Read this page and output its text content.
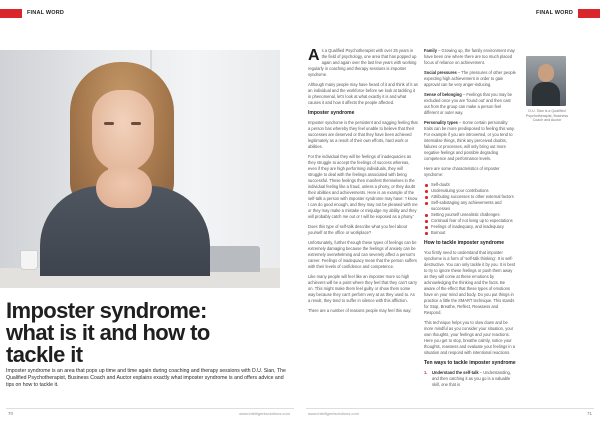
FINAL WORD
Imposter syndrome:
what is it and how to
tackle it
Imposter syndrome is an area that pops up time and time again during coaching and therapy sessions with D.U. Sian, The Qualified Psychotherapist, Business Coach and Auctor explains exactly what imposter syndrome is and offers advice and tips on how to tackle it.
70	www.intelligentsolutions.com
FINAL WORD

As a Qualified Psychotherapist with over 25 years in the field of psychology, one area that has popped up again and again over the last few years with working regularly in coaching and therapy sessions is imposter syndrome.

Although many people may have heard of it and think of it as an individual and the workforce before we look at tackling it in phenomenal, let's look at what exactly it is and what causes it and how it affects the people affected.

Imposter syndrome

Imposter syndrome is the persistent and nagging feeling that a person has whereby they feel unable to believe that their successes are deserved or that they have been achieved legitimately as a result of their own efforts, hard work or abilities.

For the individual they will be feelings of inadequacies as they struggle to accept the feelings of success whereas, even if they are high performing individuals, they will struggle to deal with the feelings associated with being successful. These feelings then manifest themselves in the individual feeling like a fraud, unless a phony, or they doubt their abilities and achievements. Here is an example of the self-talk a person with imposter syndrome may have: 'I know I can do good enough, and they may not be pleased with me or they may make a mistake or misjudge my ability and they will probably catch me out or I will be exposed as a phony.'

Does this type of self-talk describe what you feel about yourself at the office or workplace?

Unfortunately, further through these types of feelings can be extremely damaging because the feelings of anxiety can be extremely overwhelming and can severely affect a person's career. Feelings of inadequacy mean that the person suffers with their levels of confidence and competence.

Like many people will feel like an imposter more so high achievers will be a point where they feel that they can't carry on. This might make them feel guilty or show them some way because they can't perform very at as they used to. As a result, they tend to suffer in silence with this affliction.

There are a number of reasons people may feel this way:

Family – Growing up, the family environment may have been one where there are too much placed focus of reliance on achievement.

Social pressures – The pressures of other people expecting high achievement in order to gain approval can be very anger-inducing.

Sense of belonging – Feelings that you may be excluded once you are 'found out' and then cast out from the group can make a person feel different or outer way.

Personality types – Some certain personality traits can be more predisposed to feeling this way. For example if you are introverted, or you tend to internalise things, think any perceived doubts, failures or processes, will only bring out more negative feelings and possible degrading competence and performance levels.

Here are some characteristics of imposter syndrome:

Self-doubt
Undervaluing your contributions
Attributing successes to other external factors
Self-sabotaging any achievements and successes
Setting yourself unrealistic challenges
Continual fear of not living up to expectations
Feelings of inadequacy, and inadequacy
Burnout
How to tackle imposter syndrome

You firstly need to understand that imposter syndrome is a form of 'self-talk thinking'. It is self-destructive. You can only tackle it by you. It is best to try to ignore these feelings or push them away as they will come at these emotions by acknowledging the thinking and the facts. Be aware of the effect that these types of emotions have on your mind and body. Do you put things in practice a little the SMART technique. This stands for Stop, Breathe, Reflect, Reassess and Respond.

This technique helps you to slow down and be more mindful as you consider your situation, your own thoughts, your feelings and your reactions. Here you get to stop, breathe calmly, notice your thoughts, reassess and evaluate your feelings in a situation and respond with intentional reactions.

Ten ways to tackle imposter syndrome
1. Understand the self-talk – Understanding, and then catching it as you go is a valuable skill, one that is
D.U. Sian is a Qualified Psychotherapist, Business Coach and Auctor
www.intelligentsolutions.com	71
